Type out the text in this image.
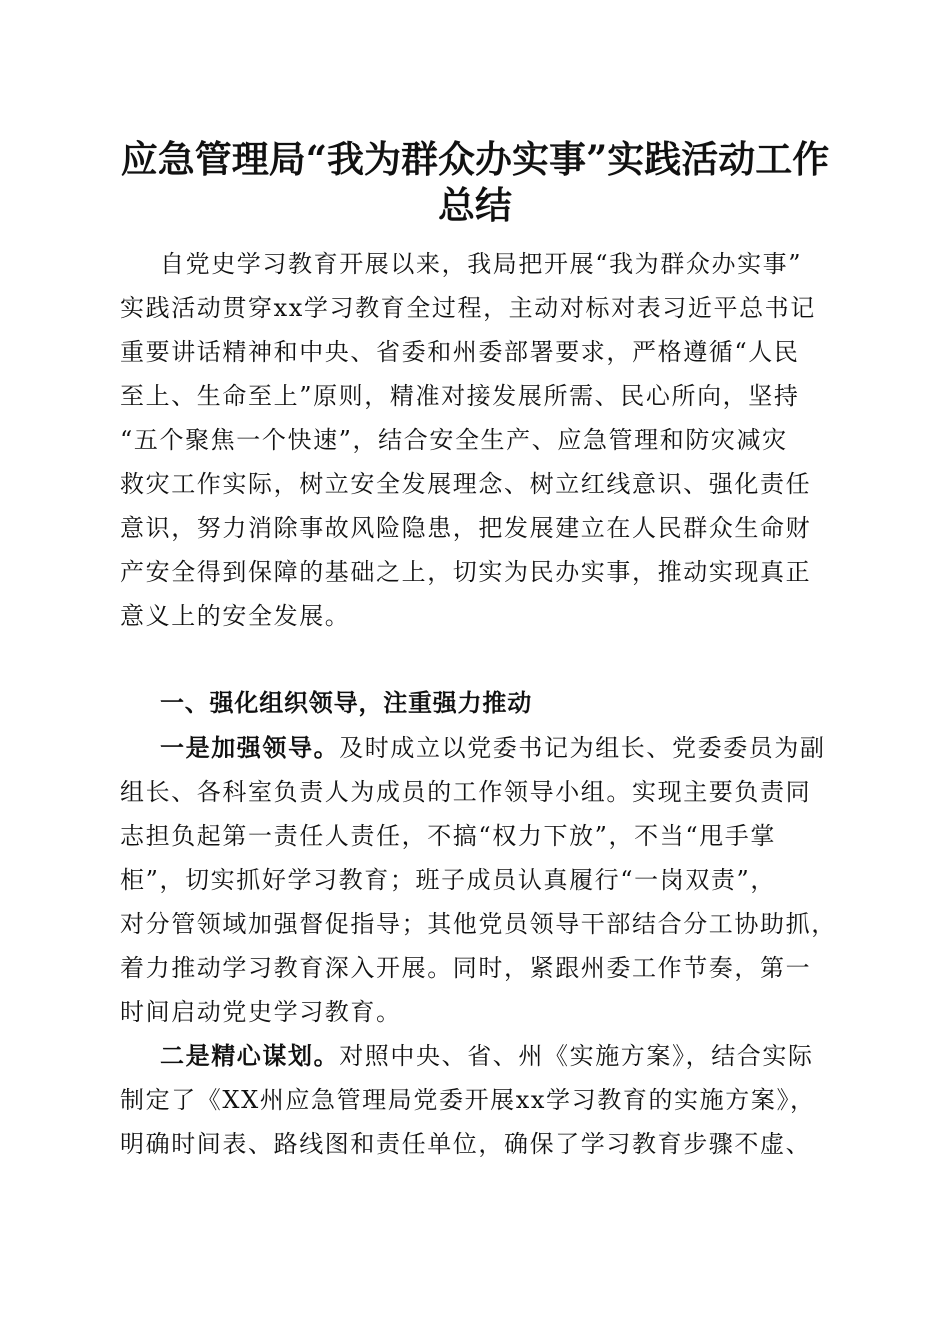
应急管理局“我为群众办实事”实践活动工作
总结
自党史学习教育开展以来，我局把开展“我为群众办实事”
实践活动贯穿xx学习教育全过程，主动对标对表习近平总书记
重要讲话精神和中央、省委和州委部署要求，严格遵循“人民
至上、生命至上”原则，精准对接发展所需、民心所向，坚持
“五个聚焦一个快速”，结合安全生产、应急管理和防灾减灾
救灾工作实际，树立安全发展理念、树立红线意识、强化责任
意识，努力消除事故风险隐患，把发展建立在人民群众生命财
产安全得到保障的基础之上，切实为民办实事，推动实现真正
意义上的安全发展。
一、强化组织领导，注重强力推动
一是加强领导。及时成立以党委书记为组长、党委委员为副
组长、各科室负责人为成员的工作领导小组。实现主要负责同
志担负起第一责任人责任，不搞“权力下放”，不当“甩手掌
柜”，切实抓好学习教育；班子成员认真履行“一岗双责”，
对分管领域加强督促指导；其他党员领导干部结合分工协助抓，
着力推动学习教育深入开展。同时，紧跟州委工作节奏，第一
时间启动党史学习教育。
二是精心谋划。对照中央、省、州《实施方案》，结合实际
制定了《XX州应急管理局党委开展xx学习教育的实施方案》，
明确时间表、路线图和责任单位，确保了学习教育步骤不虚、
